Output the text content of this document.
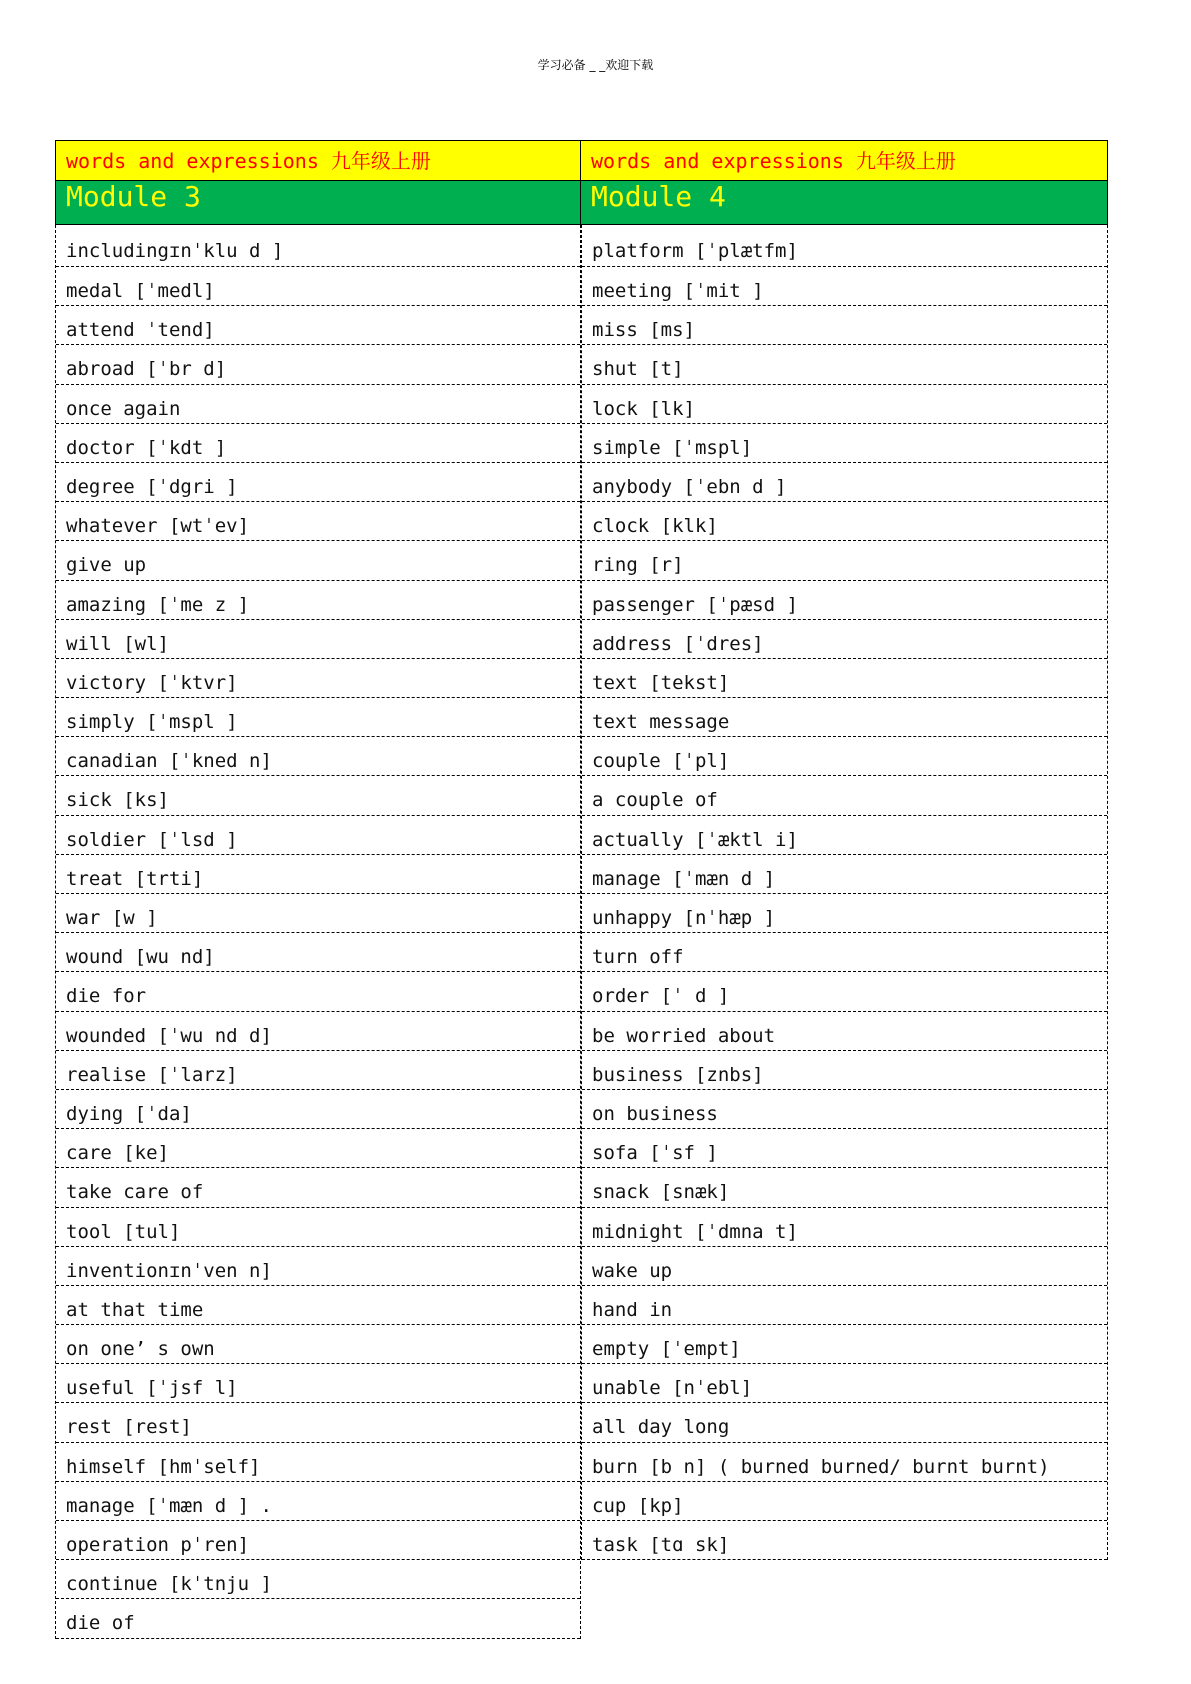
学习必备 _ _欢迎下载
words and expressions 九年级上册
Module 3
includingɪnˈklu d ]
medal [ˈmedl]
attend ˈtend]
abroad [ˈbr d]
once again
doctor [ˈkdt ]
degree [ˈdgri ]
whatever [wtˈev]
give up
amazing [ˈme z ]
will [wl]
victory [ˈktvr]
simply [ˈmspl ]
canadian [ˈkned n]
sick [ks]
soldier [ˈlsd ]
treat [trti]
war [w ]
wound [wu nd]
die for
wounded [ˈwu nd d]
realise [ˈlarz]
dying [ˈda]
care [ke]
take care of
tool [tul]
inventionɪnˈven n]
at that time
on one’ s own
useful [ˈjsf l]
rest [rest]
himself [hmˈself]
manage [ˈmæn d ] .
operation pˈren]
continue [kˈtnju ]
die of
words and expressions 九年级上册
Module 4
platform [ˈplætfm]
meeting [ˈmit ]
miss [ms]
shut [t]
lock [lk]
simple [ˈmspl]
anybody [ˈebn d ]
clock [klk]
ring [r]
passenger [ˈpæsd ]
address [ˈdres]
text [tekst]
text message
couple [ˈpl]
a couple of
actually [ˈæktl i]
manage [ˈmæn d ]
unhappy [nˈhæp ]
turn off
order [ˈ d ]
be worried about
business [znbs]
on business
sofa [ˈsf ]
snack [snæk]
midnight [ˈdmna t]
wake up
hand in
empty [ˈempt]
unable [nˈebl]
all day long
burn [b n] ( burned burned/ burnt burnt)
cup [kp]
task [tɑ sk]
